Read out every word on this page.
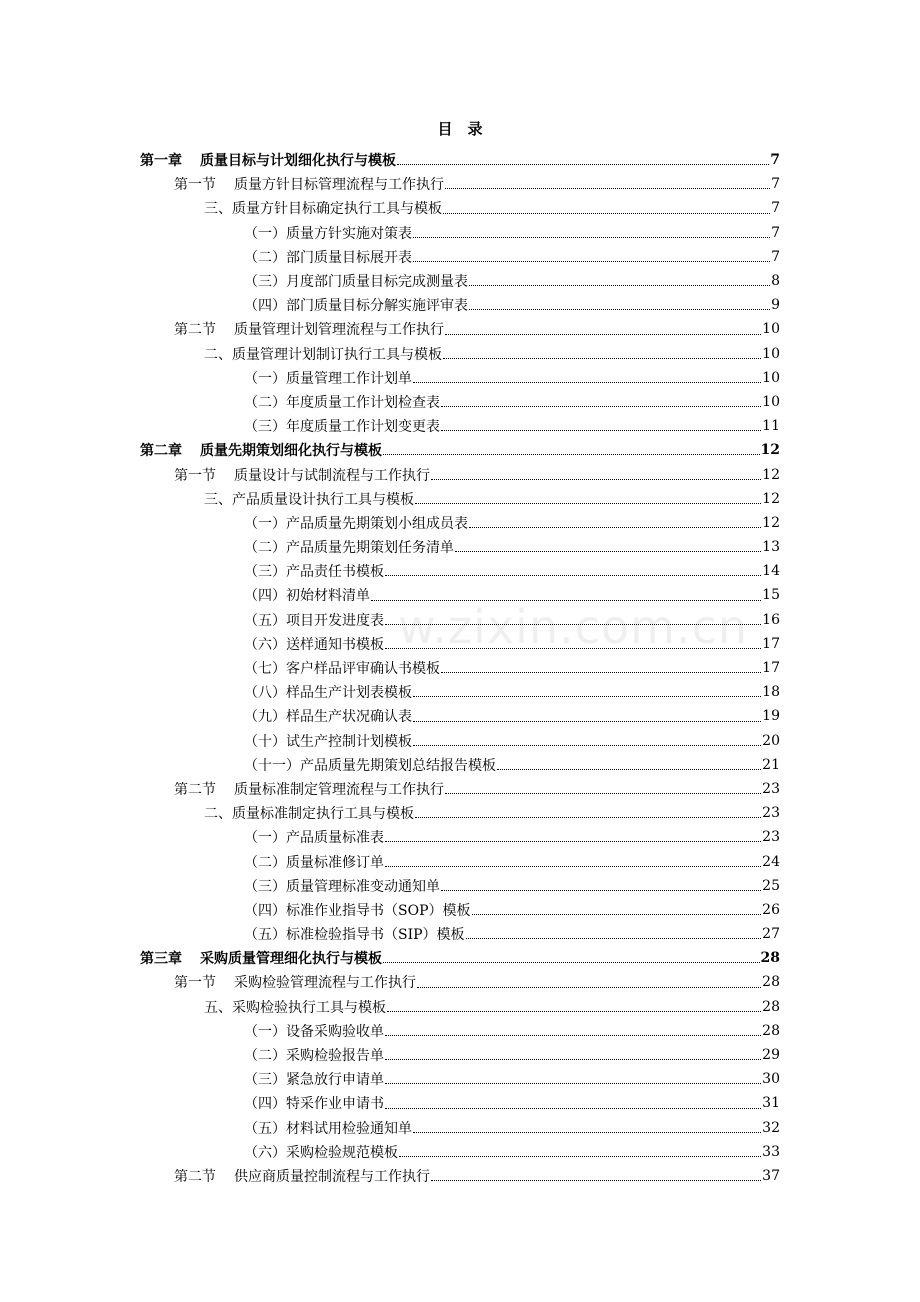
w.zixin.com.cn
目　录
第一章 质量目标与计划细化执行与模板	7
第一节 质量方针目标管理流程与工作执行	7
三、质量方针目标确定执行工具与模板	7
（一）质量方针实施对策表	7
（二）部门质量目标展开表	7
（三）月度部门质量目标完成测量表	8
（四）部门质量目标分解实施评审表	9
第二节 质量管理计划管理流程与工作执行	10
二、质量管理计划制订执行工具与模板	10
（一）质量管理工作计划单	10
（二）年度质量工作计划检查表	10
（三）年度质量工作计划变更表	11
第二章 质量先期策划细化执行与模板	12
第一节 质量设计与试制流程与工作执行	12
三、产品质量设计执行工具与模板	12
（一）产品质量先期策划小组成员表	12
（二）产品质量先期策划任务清单	13
（三）产品责任书模板	14
（四）初始材料清单	15
（五）项目开发进度表	16
（六）送样通知书模板	17
（七）客户样品评审确认书模板	17
（八）样品生产计划表模板	18
（九）样品生产状况确认表	19
（十）试生产控制计划模板	20
（十一）产品质量先期策划总结报告模板	21
第二节 质量标准制定管理流程与工作执行	23
二、质量标准制定执行工具与模板	23
（一）产品质量标准表	23
（二）质量标准修订单	24
（三）质量管理标准变动通知单	25
（四）标准作业指导书（SOP）模板	26
（五）标准检验指导书（SIP）模板	27
第三章 采购质量管理细化执行与模板	28
第一节 采购检验管理流程与工作执行	28
五、采购检验执行工具与模板	28
（一）设备采购验收单	28
（二）采购检验报告单	29
（三）紧急放行申请单	30
（四）特采作业申请书	31
（五）材料试用检验通知单	32
（六）采购检验规范模板	33
第二节 供应商质量控制流程与工作执行	37
